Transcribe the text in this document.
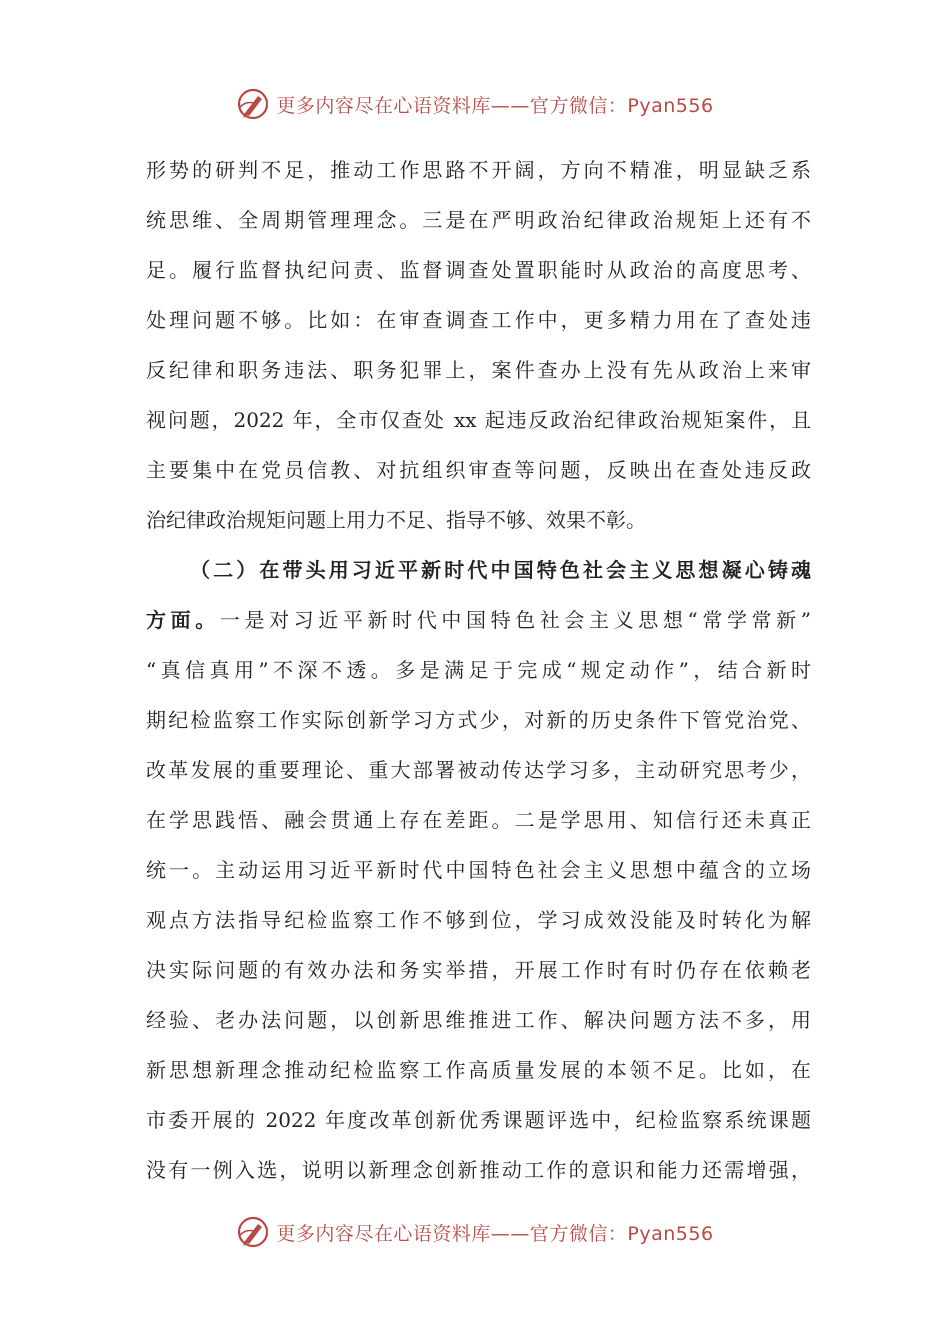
更多内容尽在心语资料库——官方微信：Pyan556
形势的研判不足，推动工作思路不开阔，方向不精准，明显缺乏系
统思维、全周期管理理念。三是在严明政治纪律政治规矩上还有不
足。履行监督执纪问责、监督调查处置职能时从政治的高度思考、
处理问题不够。比如：在审查调查工作中，更多精力用在了查处违
反纪律和职务违法、职务犯罪上，案件查办上没有先从政治上来审
视问题，2022 年，全市仅查处 xx 起违反政治纪律政治规矩案件，且
主要集中在党员信教、对抗组织审查等问题，反映出在查处违反政
治纪律政治规矩问题上用力不足、指导不够、效果不彰。
（二）在带头用习近平新时代中国特色社会主义思想凝心铸魂
方面。一是对习近平新时代中国特色社会主义思想“常学常新”
“真信真用”不深不透。多是满足于完成“规定动作”，结合新时
期纪检监察工作实际创新学习方式少，对新的历史条件下管党治党、
改革发展的重要理论、重大部署被动传达学习多，主动研究思考少，
在学思践悟、融会贯通上存在差距。二是学思用、知信行还未真正
统一。主动运用习近平新时代中国特色社会主义思想中蕴含的立场
观点方法指导纪检监察工作不够到位，学习成效没能及时转化为解
决实际问题的有效办法和务实举措，开展工作时有时仍存在依赖老
经验、老办法问题，以创新思维推进工作、解决问题方法不多，用
新思想新理念推动纪检监察工作高质量发展的本领不足。比如，在
市委开展的 2022 年度改革创新优秀课题评选中，纪检监察系统课题
没有一例入选，说明以新理念创新推动工作的意识和能力还需增强，
更多内容尽在心语资料库——官方微信：Pyan556
